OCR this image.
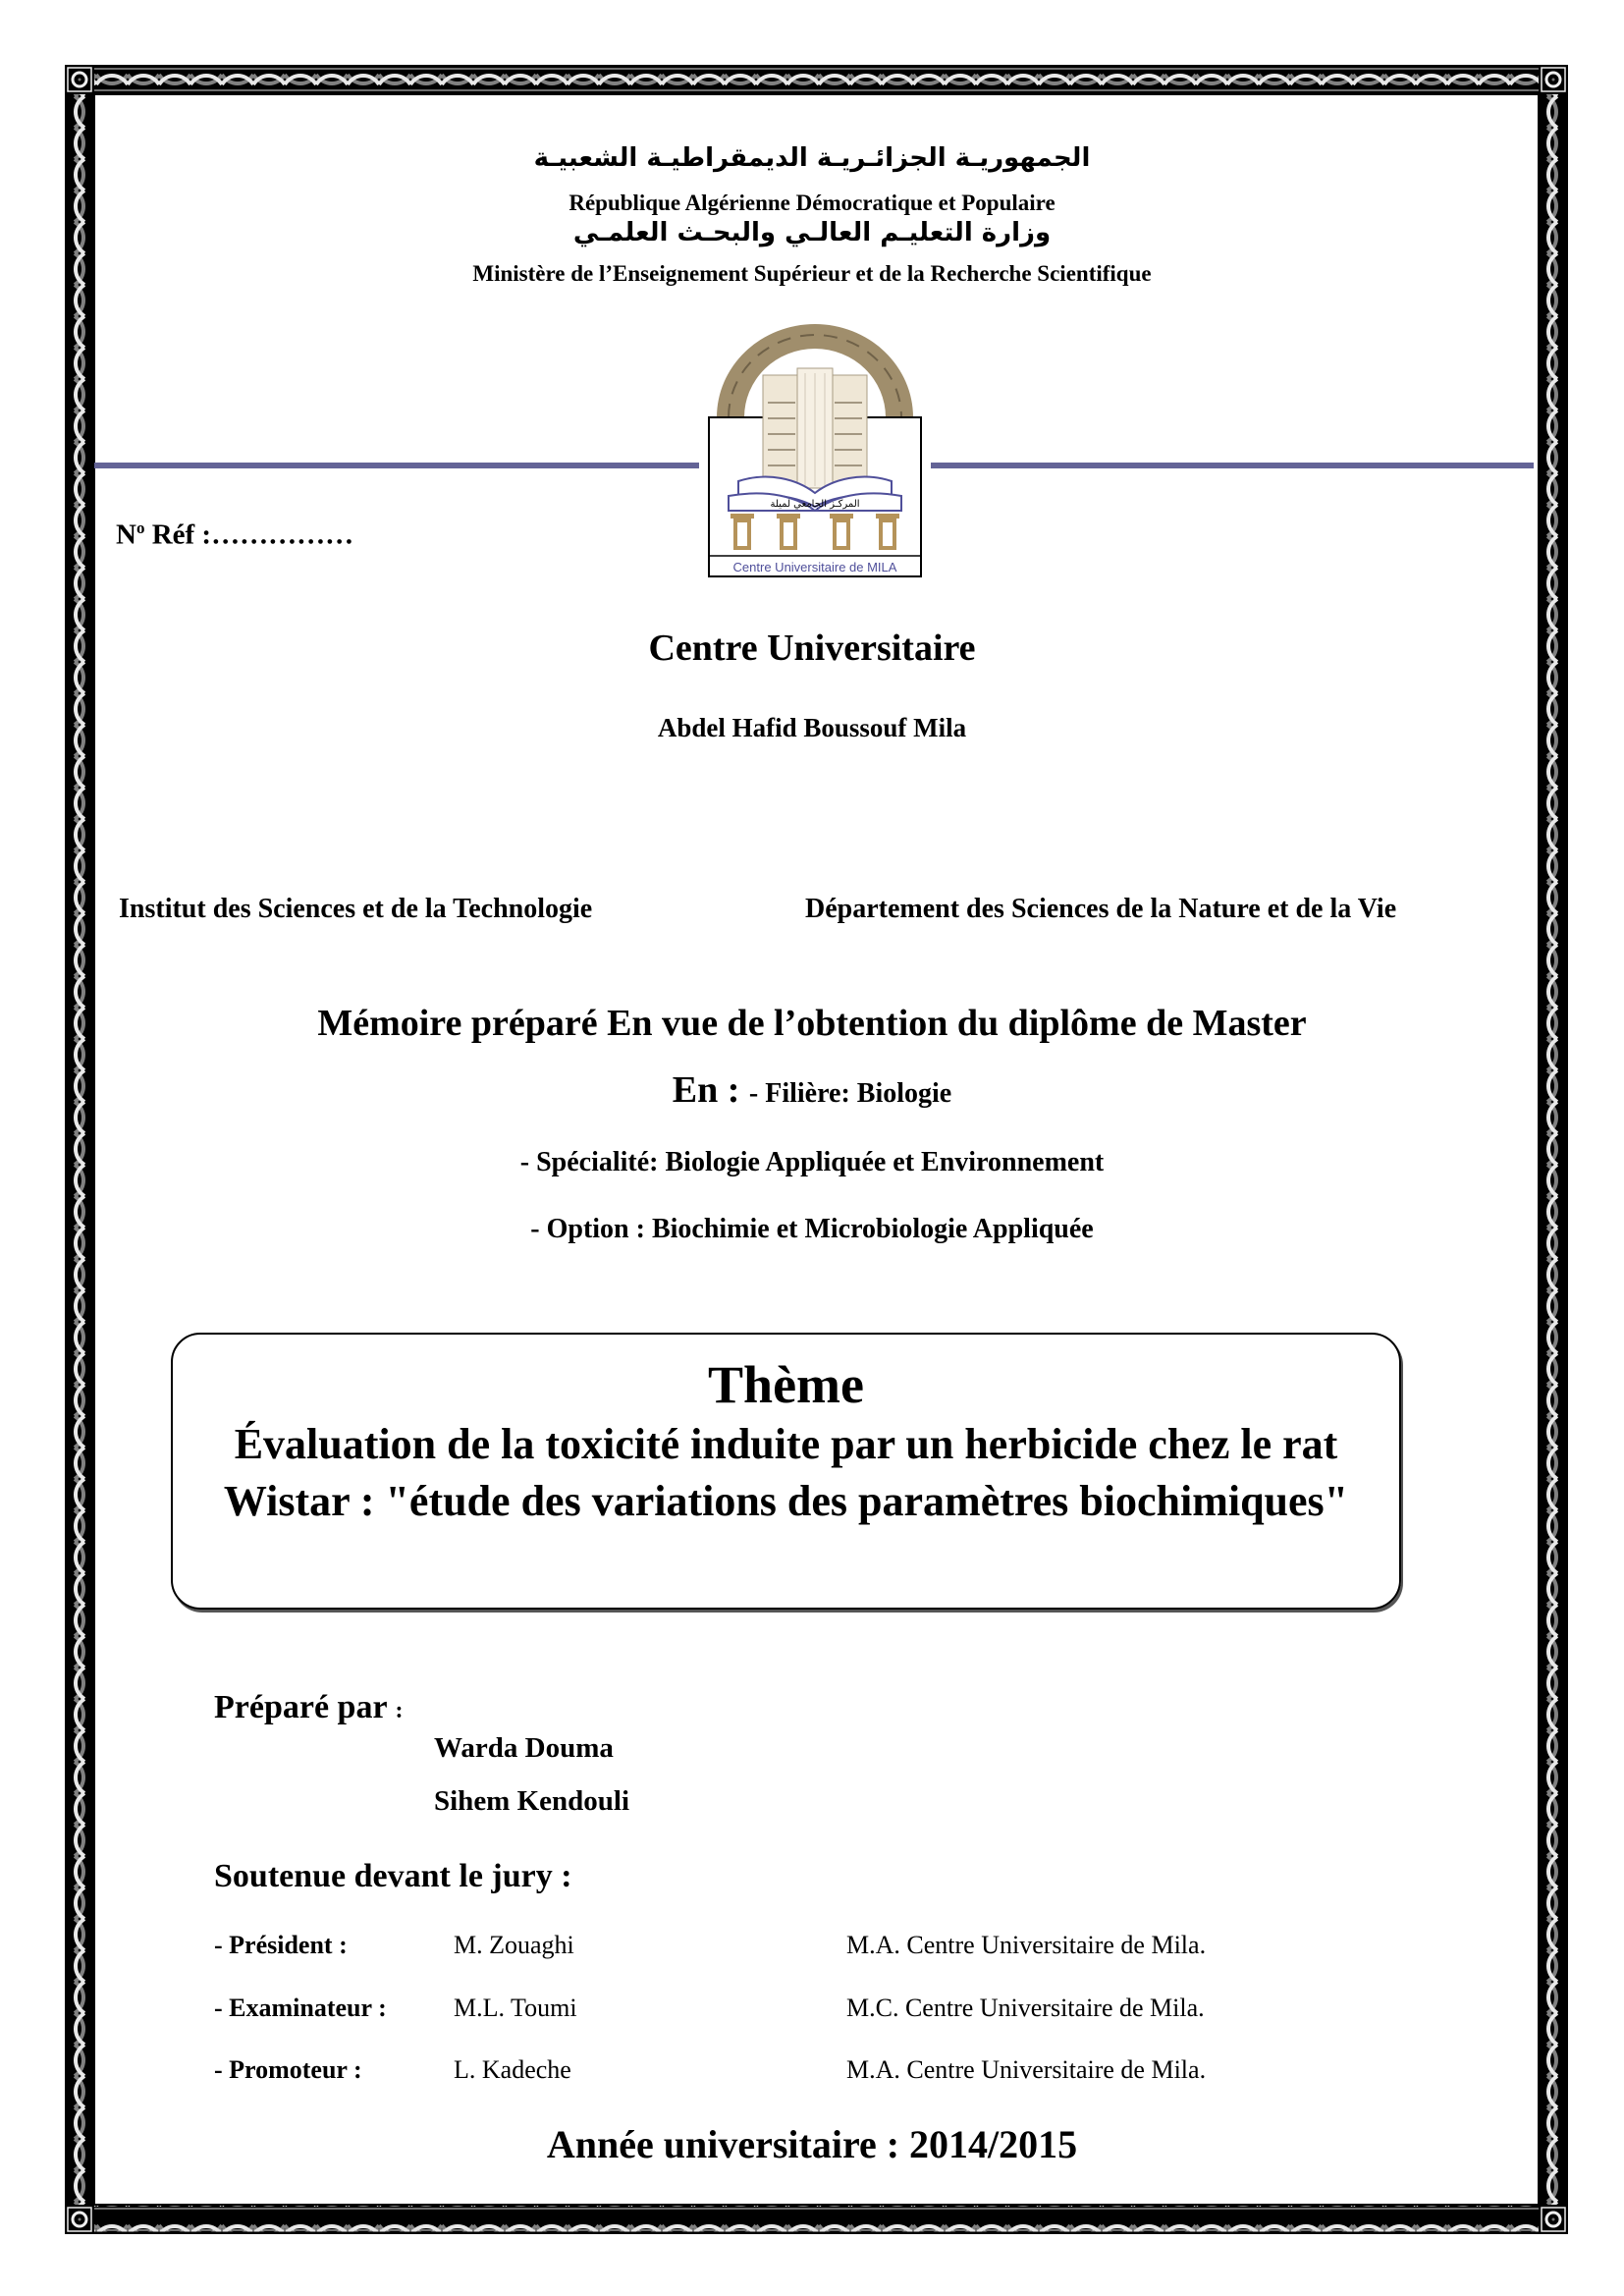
الجمهوريـة الجزائـريـة الديمقراطيـة الشعبيـة
République Algérienne Démocratique et Populaire
وزارة التعليـم العالـي والبحـث العلمـي
Ministère de l’Enseignement Supérieur et de la Recherche Scientifique
المركـز الجامعي لميلة
Centre Universitaire de MILA
$N^o$ Réf :……………
Centre Universitaire
Abdel Hafid Boussouf Mila
Institut des Sciences et de la Technologie	Département des Sciences de la Nature et de la Vie
Mémoire préparé En vue de l’obtention du diplôme de Master
En : - Filière: Biologie
- Spécialité: Biologie Appliquée et Environnement
- Option : Biochimie et Microbiologie Appliquée
Thème
Évaluation de la toxicité induite par un herbicide chez le rat Wistar : "étude des variations des paramètres biochimiques"
Préparé par :
Warda Douma
Sihem Kendouli
Soutenue devant le jury :
- Président :	M. Zouaghi	M.A. Centre Universitaire de Mila.
- Examinateur :	M.L. Toumi	M.C. Centre Universitaire de Mila.
- Promoteur :	L. Kadeche	M.A. Centre Universitaire de Mila.
Année universitaire : 2014/2015
